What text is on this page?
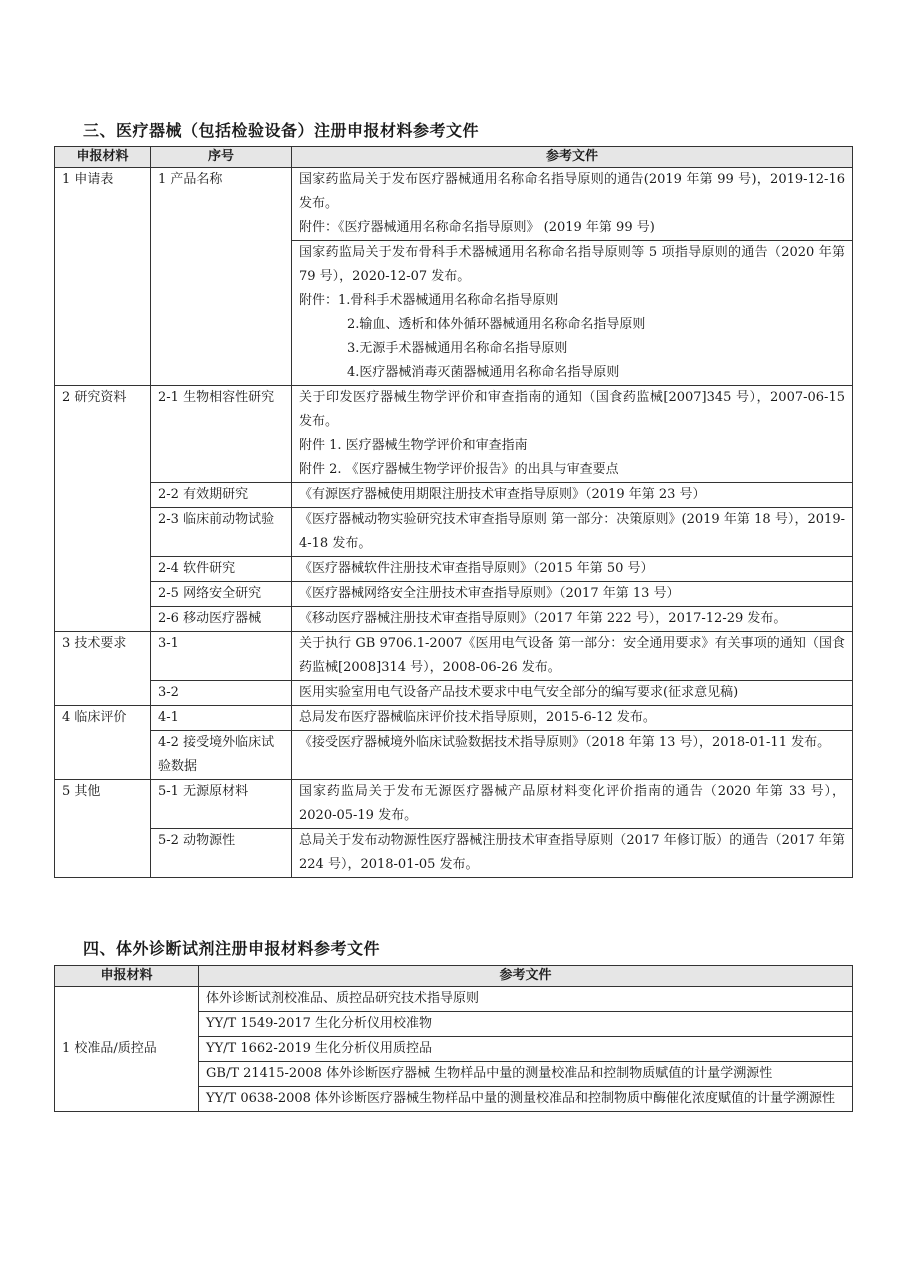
三、医疗器械（包括检验设备）注册申报材料参考文件
申报材料	序号	参考文件
1 申请表	1 产品名称	国家药监局关于发布医疗器械通用名称命名指导原则的通告(2019 年第 99 号)，2019-12-16 发布。
附件：《医疗器械通用名称命名指导原则》 (2019 年第 99 号)

		国家药监局关于发布骨科手术器械通用名称命名指导原则等 5 项指导原则的通告（2020 年第 79 号），2020-12-07 发布。
附件：1.骨科手术器械通用名称命名指导原则
2.输血、透析和体外循环器械通用名称命名指导原则
3.无源手术器械通用名称命名指导原则
4.医疗器械消毒灭菌器械通用名称命名指导原则

2 研究资料	2-1 生物相容性研究	关于印发医疗器械生物学评价和审查指南的通知（国食药监械[2007]345 号），2007-06-15 发布。
附件 1. 医疗器械生物学评价和审查指南
附件 2. 《医疗器械生物学评价报告》的出具与审查要点

	2-2 有效期研究	《有源医疗器械使用期限注册技术审查指导原则》（2019 年第 23 号）

	2-3 临床前动物试验	《医疗器械动物实验研究技术审查指导原则 第一部分：决策原则》(2019 年第 18 号），2019-4-18 发布。

	2-4 软件研究	《医疗器械软件注册技术审查指导原则》（2015 年第 50 号）

	2-5 网络安全研究	《医疗器械网络安全注册技术审查指导原则》（2017 年第 13 号）

	2-6 移动医疗器械	《移动医疗器械注册技术审查指导原则》（2017 年第 222 号），2017-12-29 发布。

3 技术要求	3-1	关于执行 GB 9706.1-2007《医用电气设备 第一部分：安全通用要求》有关事项的通知（国食药监械[2008]314 号），2008-06-26 发布。

	3-2	医用实验室用电气设备产品技术要求中电气安全部分的编写要求(征求意见稿)

4 临床评价	4-1	总局发布医疗器械临床评价技术指导原则，2015-6-12 发布。

	4-2 接受境外临床试验数据	《接受医疗器械境外临床试验数据技术指导原则》（2018 年第 13 号），2018-01-11 发布。

5 其他	5-1 无源原材料	国家药监局关于发布无源医疗器械产品原材料变化评价指南的通告（2020 年第 33 号），2020-05-19 发布。

	5-2 动物源性	总局关于发布动物源性医疗器械注册技术审查指导原则（2017 年修订版）的通告（2017 年第 224 号），2018-01-05 发布。
四、体外诊断试剂注册申报材料参考文件
申报材料	参考文件
1 校准品/质控品	体外诊断试剂校准品、质控品研究技术指导原则
	YY/T 1549-2017 生化分析仪用校准物
	YY/T 1662-2019 生化分析仪用质控品
	GB/T 21415-2008 体外诊断医疗器械 生物样品中量的测量校准品和控制物质赋值的计量学溯源性
	YY/T 0638-2008 体外诊断医疗器械生物样品中量的测量校准品和控制物质中酶催化浓度赋值的计量学溯源性
